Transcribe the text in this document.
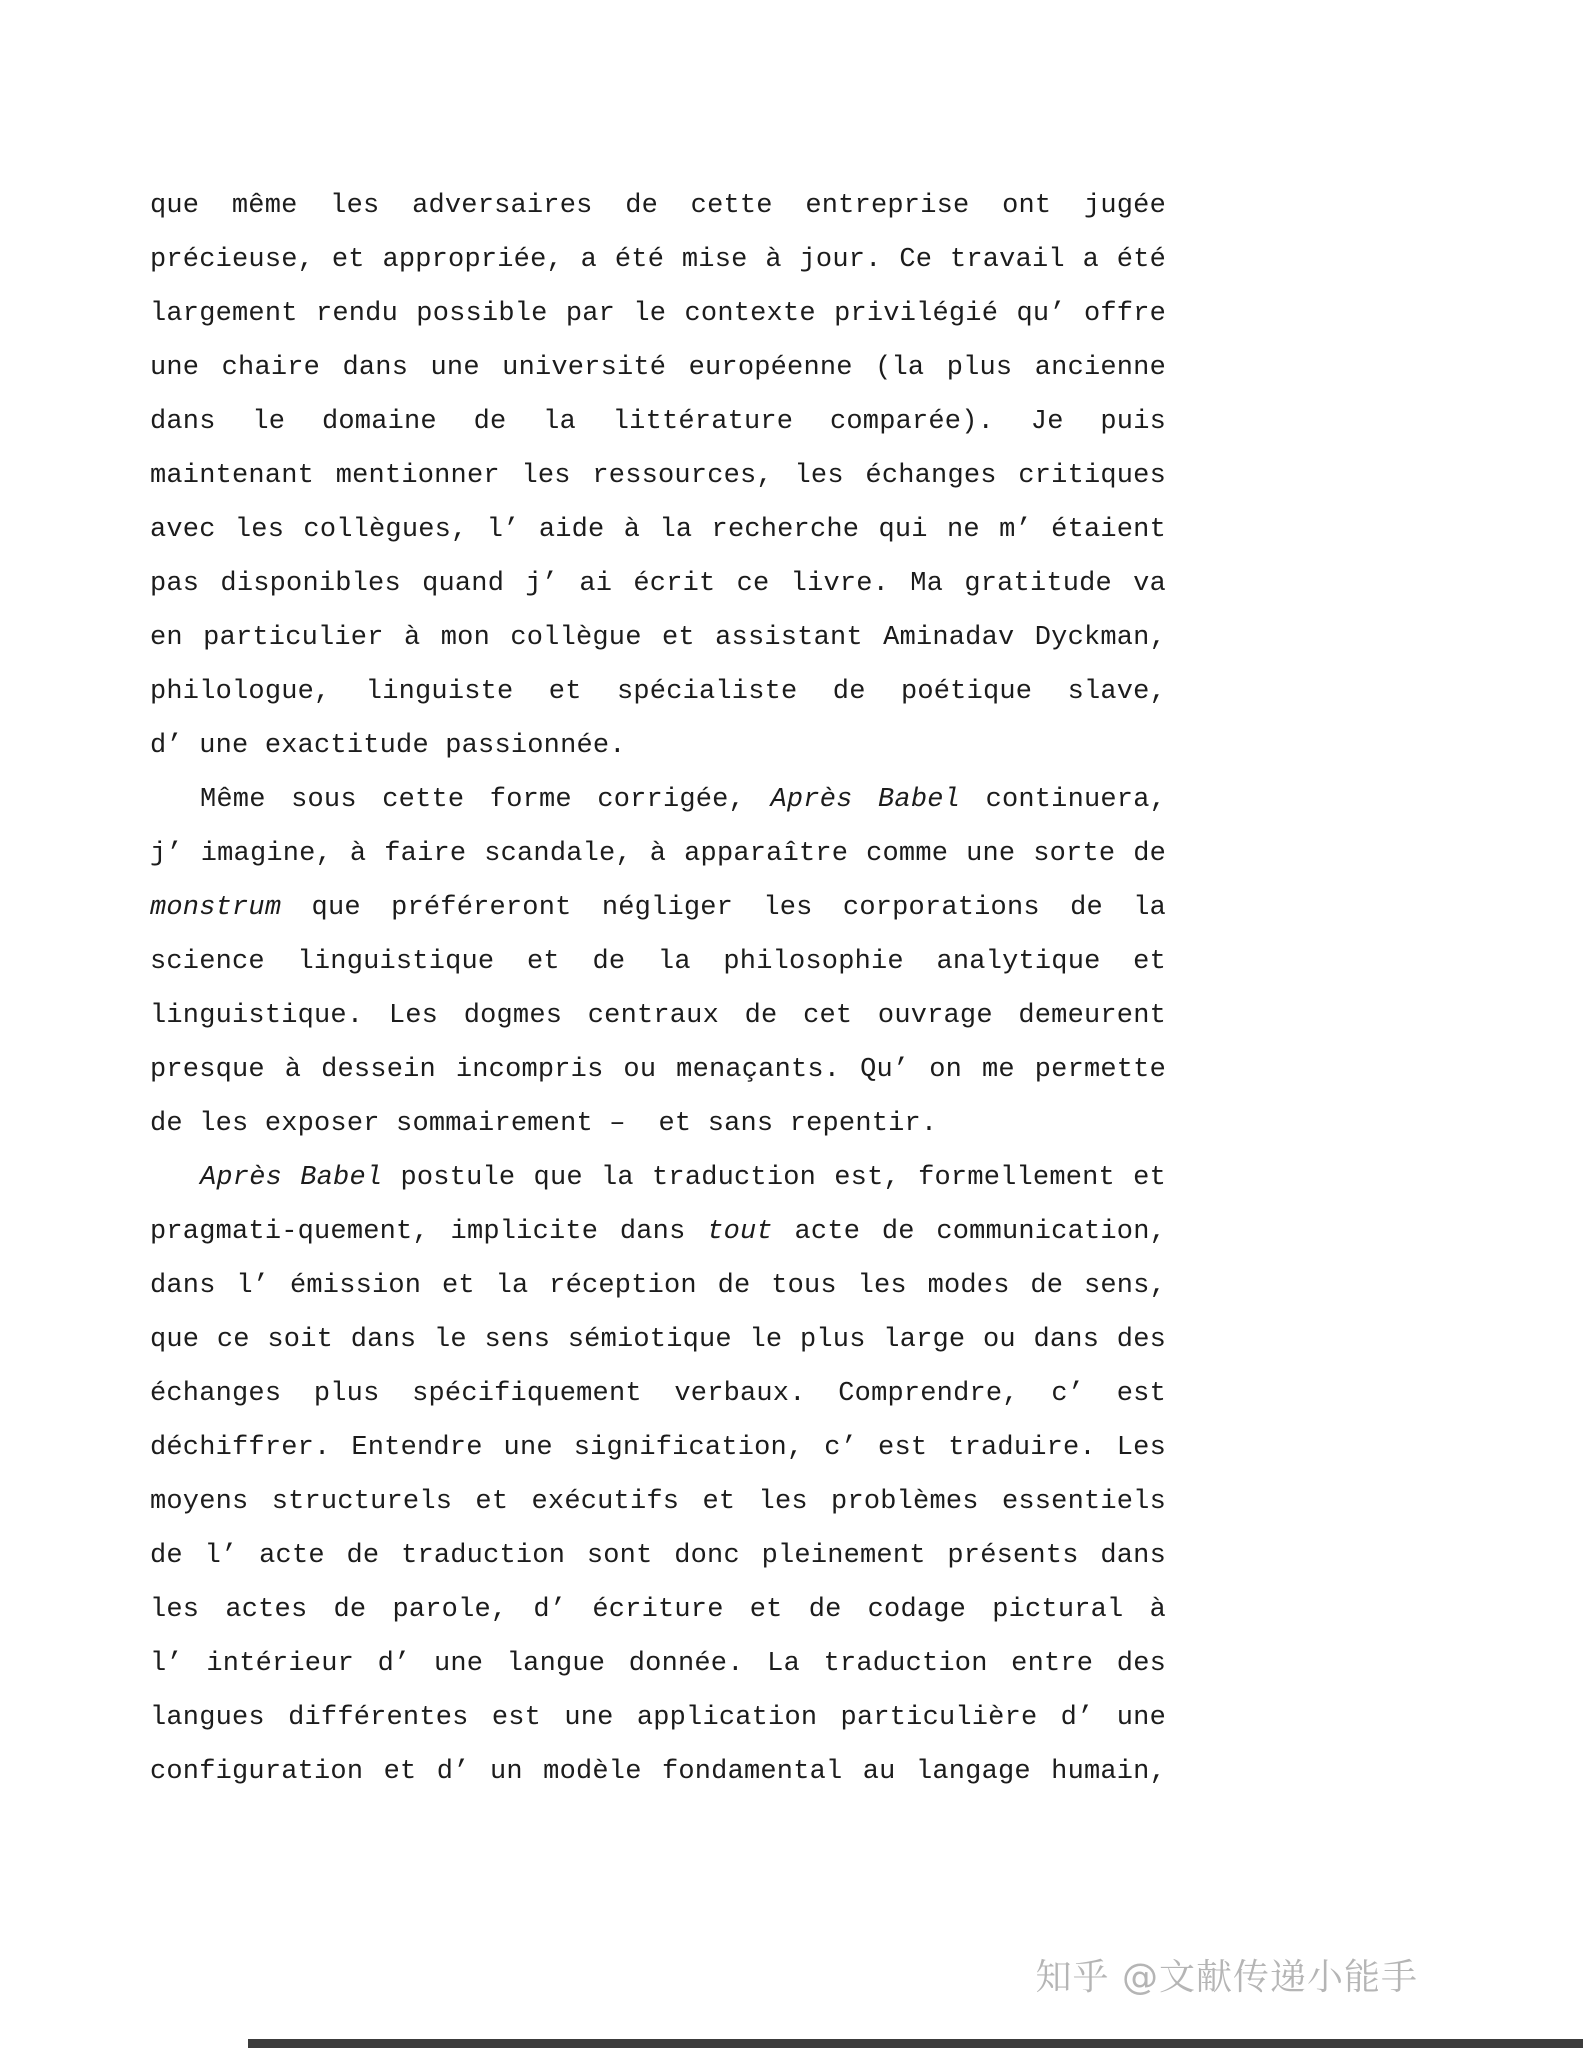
que même les adversaires de cette entreprise ont jugée
précieuse, et appropriée, a été mise à jour. Ce travail a été
largement rendu possible par le contexte privilégié qu’ offre
une chaire dans une université européenne (la plus ancienne
dans le domaine de la littérature comparée). Je puis
maintenant mentionner les ressources, les échanges critiques
avec les collègues, l’ aide à la recherche qui ne m’ étaient
pas disponibles quand j’ ai écrit ce livre. Ma gratitude va
en particulier à mon collègue et assistant Aminadav Dyckman,
philologue, linguiste et spécialiste de poétique slave,
d’ une exactitude passionnée.
Même sous cette forme corrigée, Après Babel continuera,
j’ imagine, à faire scandale, à apparaître comme une sorte de
monstrum que préféreront négliger les corporations de la
science linguistique et de la philosophie analytique et
linguistique. Les dogmes centraux de cet ouvrage demeurent
presque à dessein incompris ou menaçants. Qu’ on me permette
de les exposer sommairement –  et sans repentir.
Après Babel postule que la traduction est, formellement et
pragmati-quement, implicite dans tout acte de communication,
dans l’ émission et la réception de tous les modes de sens,
que ce soit dans le sens sémiotique le plus large ou dans des
échanges plus spécifiquement verbaux. Comprendre, c’ est
déchiffrer. Entendre une signification, c’ est traduire. Les
moyens structurels et exécutifs et les problèmes essentiels
de l’ acte de traduction sont donc pleinement présents dans
les actes de parole, d’ écriture et de codage pictural à
l’ intérieur d’ une langue donnée. La traduction entre des
langues différentes est une application particulière d’ une
configuration et d’ un modèle fondamental au langage humain,
知乎 @文献传递小能手
